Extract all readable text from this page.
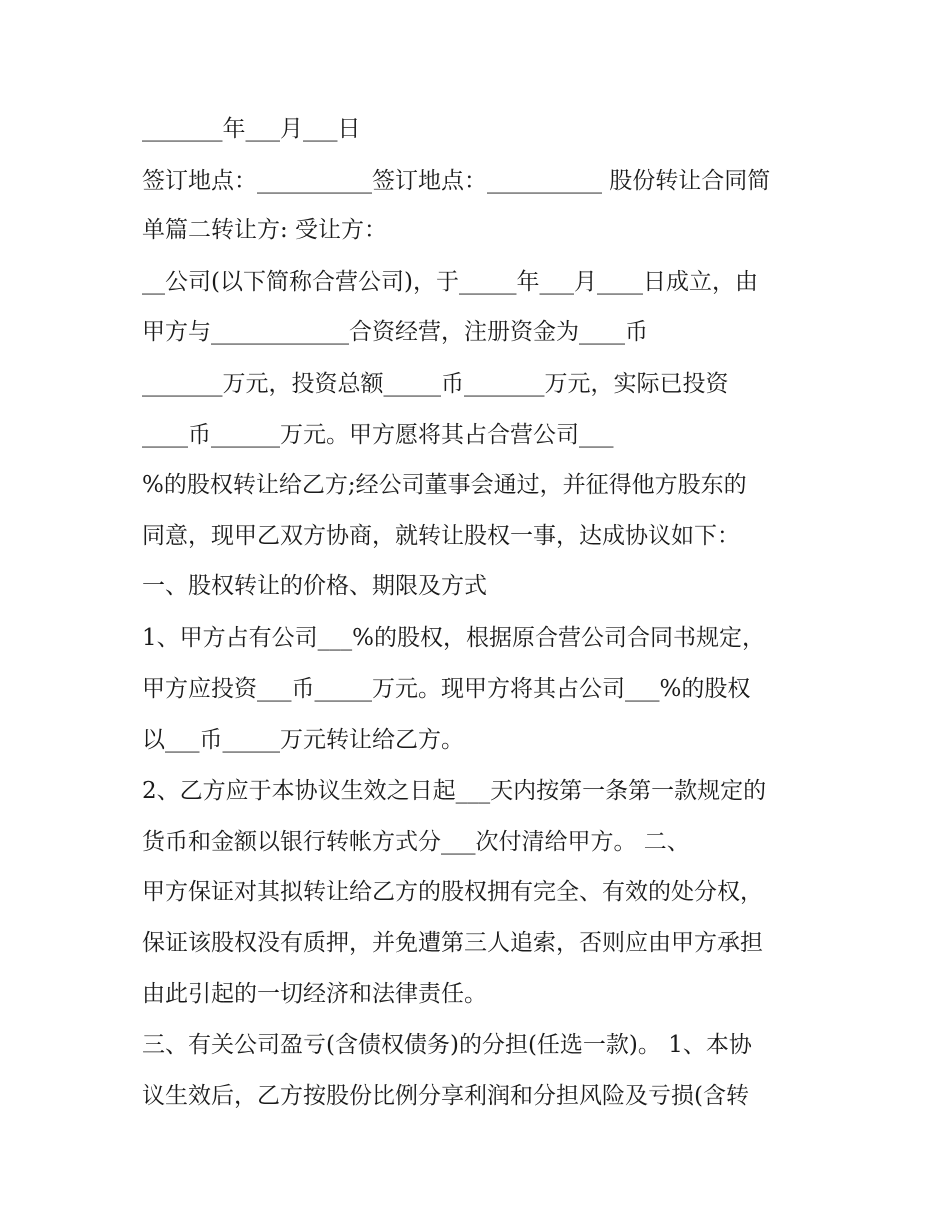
_______年___月___日
签订地点：__________签订地点：__________ 股份转让合同简
单篇二转让方: 受让方：
__公司(以下简称合营公司)，于_____年___月____日成立，由
甲方与____________合资经营，注册资金为____币
_______万元，投资总额_____币_______万元，实际已投资
____币______万元。甲方愿将其占合营公司___
%的股权转让给乙方;经公司董事会通过，并征得他方股东的
同意，现甲乙双方协商，就转让股权一事，达成协议如下：
一、股权转让的价格、期限及方式
1、甲方占有公司___%的股权，根据原合营公司合同书规定，
甲方应投资___币_____万元。现甲方将其占公司___%的股权
以___币_____万元转让给乙方。
2、乙方应于本协议生效之日起___天内按第一条第一款规定的
货币和金额以银行转帐方式分___次付清给甲方。 二、
甲方保证对其拟转让给乙方的股权拥有完全、有效的处分权，
保证该股权没有质押，并免遭第三人追索，否则应由甲方承担
由此引起的一切经济和法律责任。
三、有关公司盈亏(含债权债务)的分担(任选一款)。 1、本协
议生效后，乙方按股份比例分享利润和分担风险及亏损(含转
